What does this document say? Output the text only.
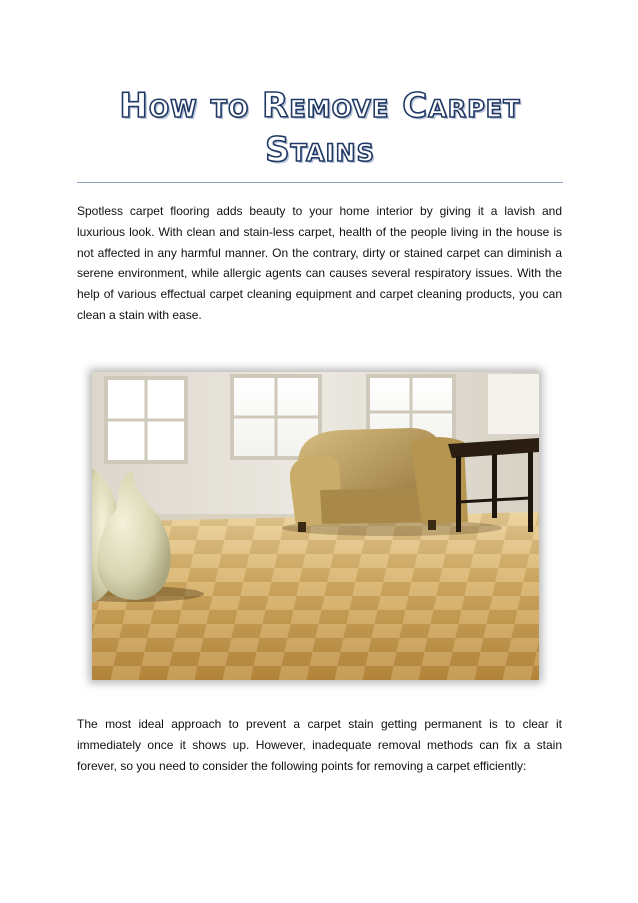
How to Remove Carpet Stains

Spotless carpet flooring adds beauty to your home interior by giving it a lavish and luxurious look. With clean and stain-less carpet, health of the people living in the house is not affected in any harmful manner. On the contrary, dirty or stained carpet can diminish a serene environment, while allergic agents can causes several respiratory issues. With the help of various effectual carpet cleaning equipment and carpet cleaning products, you can clean a stain with ease.

The most ideal approach to prevent a carpet stain getting permanent is to clear it immediately once it shows up. However, inadequate removal methods can fix a stain forever, so you need to consider the following points for removing a carpet efficiently:
